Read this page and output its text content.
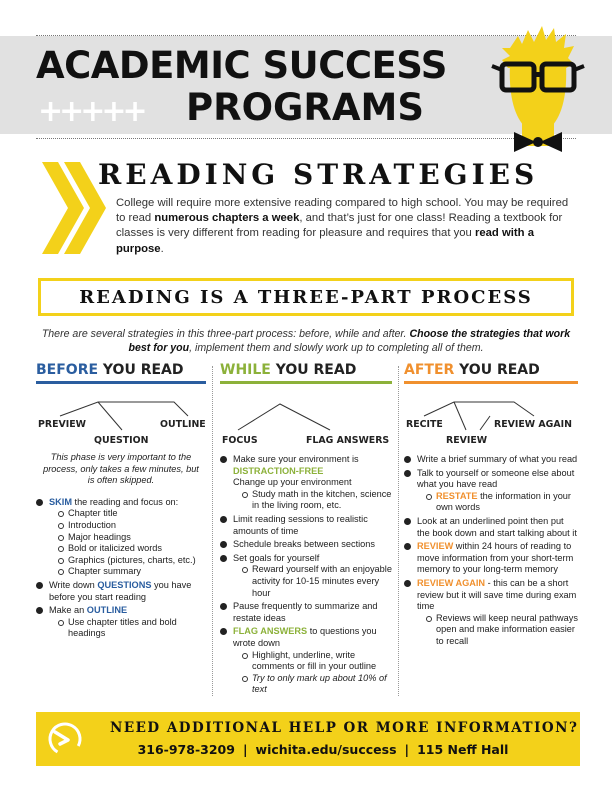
ACADEMIC SUCCESS
+++++ PROGRAMS
READING STRATEGIES
College will require more extensive reading compared to high school. You may be required to read numerous chapters a week, and that’s just for one class! Reading a textbook for classes is very different from reading for pleasure and requires that you read with a purpose.
READING IS A THREE-PART PROCESS
There are several strategies in this three-part process: before, while and after. Choose the strategies that work best for you, implement them and slowly work up to completing all of them.
BEFORE YOU READ
PREVIEW
QUESTION
OUTLINE
This phase is very important to the process, only takes a few minutes, but is often skipped.
SKIM the reading and focus on:
Chapter title
Introduction
Major headings
Bold or italicized words
Graphics (pictures, charts, etc.)
Chapter summary
Write down QUESTIONS you have before you start reading
Make an OUTLINE
Use chapter titles and bold headings
WHILE YOU READ
FOCUS	FLAG ANSWERS
Make sure your environment is DISTRACTION-FREE
Change up your environment
Study math in the kitchen, science in the living room, etc.
Limit reading sessions to realistic amounts of time
Schedule breaks between sections
Set goals for yourself
Reward yourself with an enjoyable activity for 10-15 minutes every hour
Pause frequently to summarize and restate ideas
FLAG ANSWERS to questions you wrote down
Highlight, underline, write comments or fill in your outline
Try to only mark up about 10% of text
AFTER YOU READ
RECITE
REVIEW
REVIEW AGAIN
Write a brief summary of what you read
Talk to yourself or someone else about what you have read
RESTATE the information in your own words
Look at an underlined point then put the book down and start talking about it
REVIEW within 24 hours of reading to move information from your short-term memory to your long-term memory
REVIEW AGAIN - this can be a short review but it will save time during exam time
Reviews will keep neural pathways open and make information easier to recall
NEED ADDITIONAL HELP OR MORE INFORMATION?
316-978-3209 | wichita.edu/success | 115 Neff Hall
